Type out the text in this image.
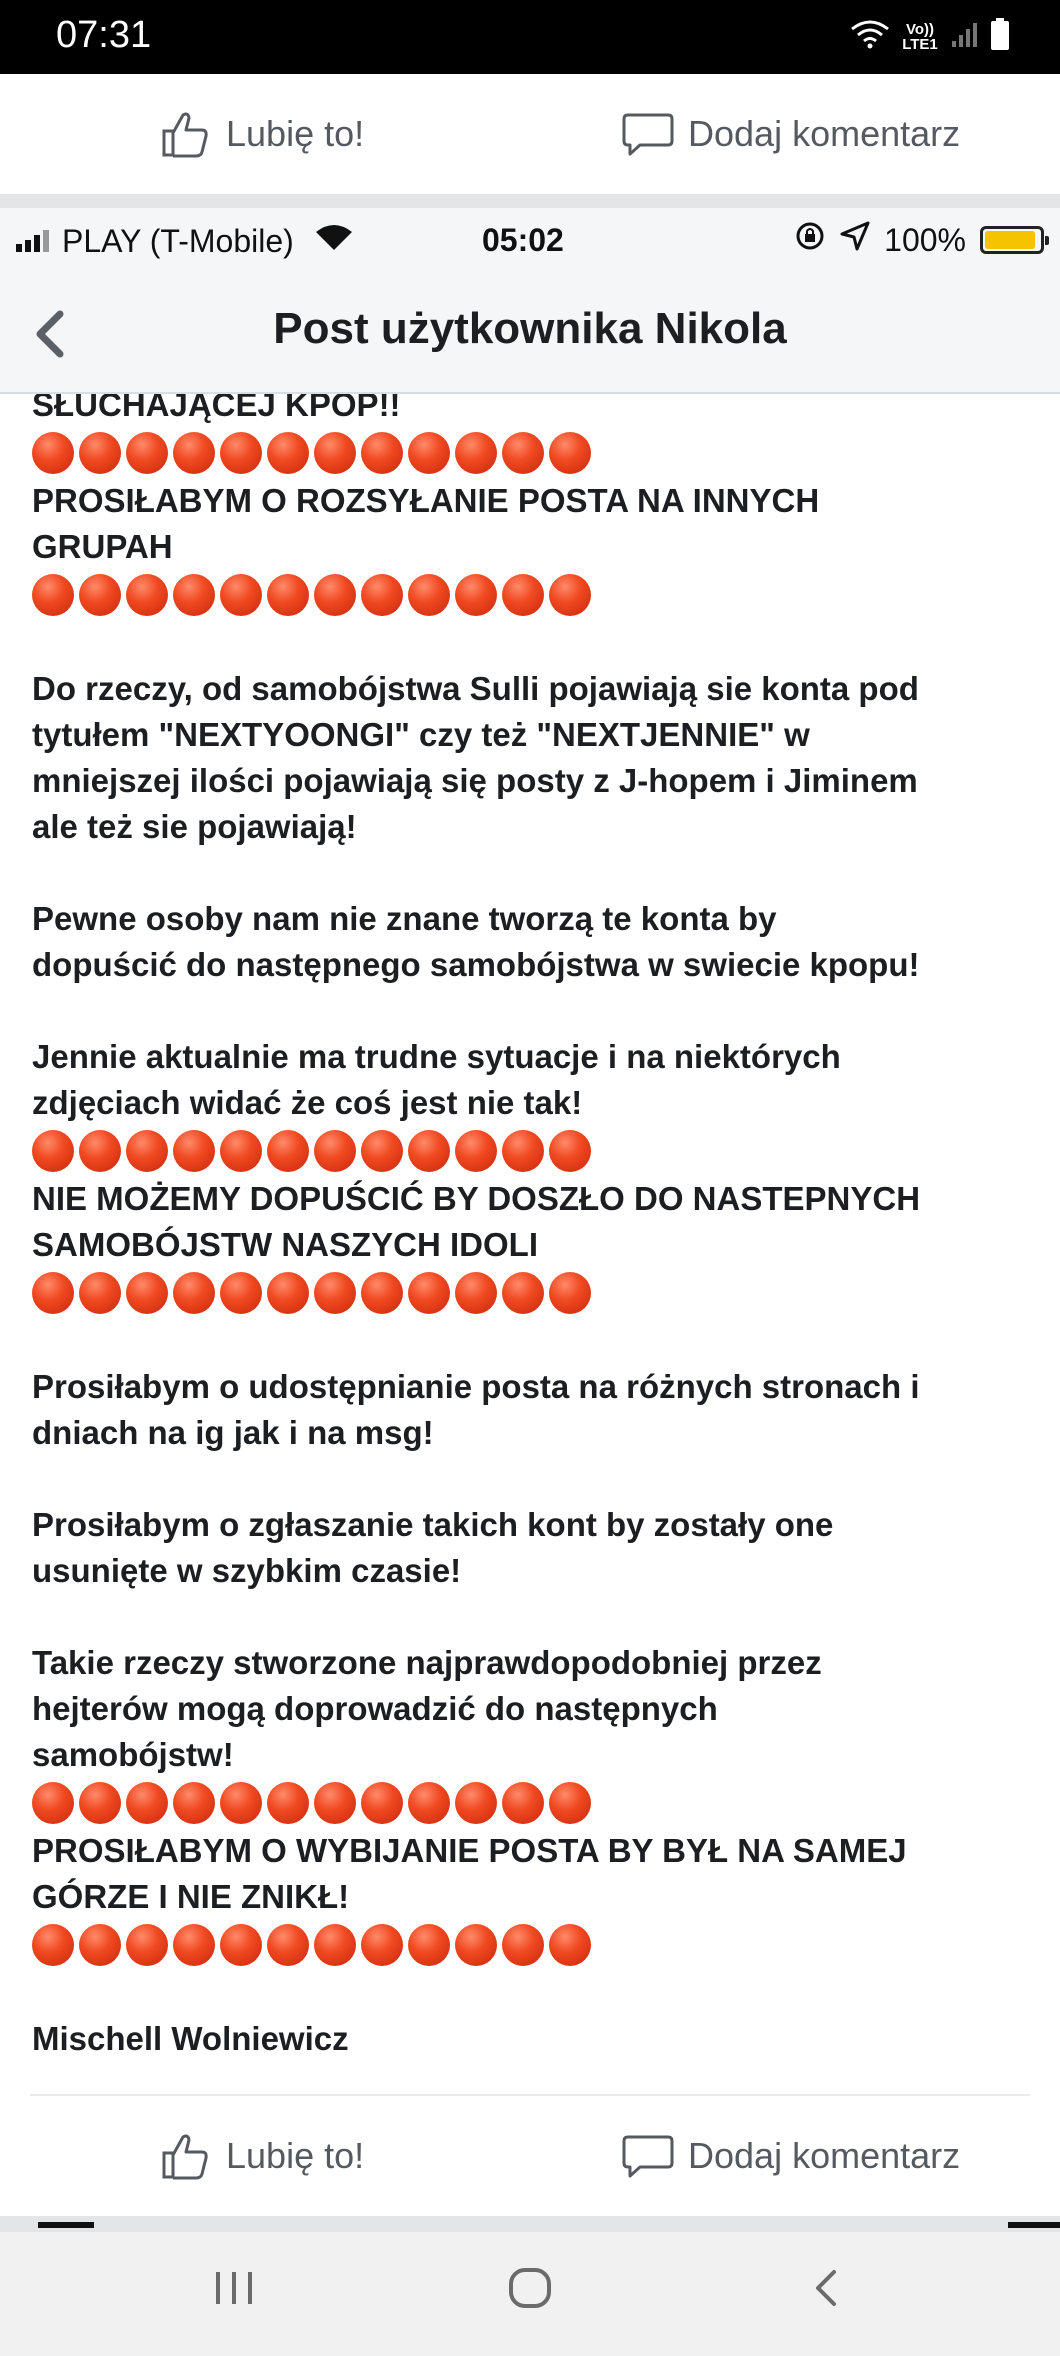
07:31	Vo)) LTE1
Lubię to!	Dodaj komentarz
PLAY (T-Mobile)	05:02	100%
Post użytkownika Nikola
SŁUCHAJĄCEJ KPOP!!
PROSIŁABYM O ROZSYŁANIE POSTA NA INNYCH
GRUPAH
Do rzeczy, od samobójstwa Sulli pojawiają sie konta pod
tytułem "NEXTYOONGI" czy też "NEXTJENNIE" w
mniejszej ilości pojawiają się posty z J-hopem i Jiminem
ale też sie pojawiają!
Pewne osoby nam nie znane tworzą te konta by
dopuścić do następnego samobójstwa w swiecie kpopu!
Jennie aktualnie ma trudne sytuacje i na niektórych
zdjęciach widać że coś jest nie tak!
NIE MOŻEMY DOPUŚCIĆ BY DOSZŁO DO NASTEPNYCH
SAMOBÓJSTW NASZYCH IDOLI
Prosiłabym o udostępnianie posta na różnych stronach i
dniach na ig jak i na msg!
Prosiłabym o zgłaszanie takich kont by zostały one
usunięte w szybkim czasie!
Takie rzeczy stworzone najprawdopodobniej przez
hejterów mogą doprowadzić do następnych
samobójstw!
PROSIŁABYM O WYBIJANIE POSTA BY BYŁ NA SAMEJ
GÓRZE I NIE ZNIKŁ!
Mischell Wolniewicz
Lubię to!	Dodaj komentarz
